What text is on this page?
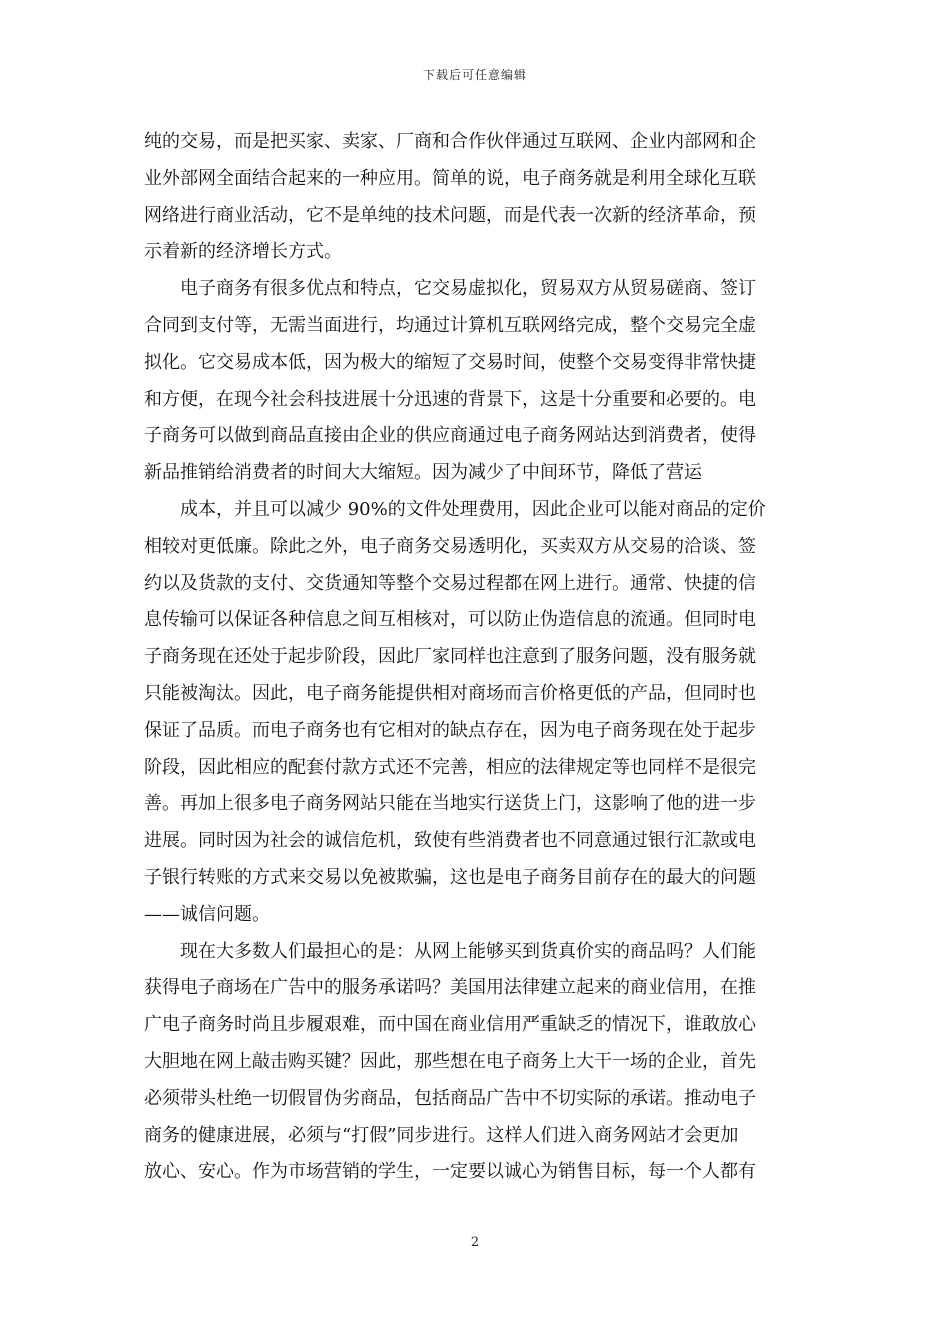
下载后可任意编辑

纯的交易，而是把买家、卖家、厂商和合作伙伴通过互联网、企业内部网和企
业外部网全面结合起来的一种应用。简单的说，电子商务就是利用全球化互联
网络进行商业活动，它不是单纯的技术问题，而是代表一次新的经济革命，预
示着新的经济增长方式。

电子商务有很多优点和特点，它交易虚拟化，贸易双方从贸易磋商、签订
合同到支付等，无需当面进行，均通过计算机互联网络完成，整个交易完全虚
拟化。它交易成本低，因为极大的缩短了交易时间，使整个交易变得非常快捷
和方便，在现今社会科技进展十分迅速的背景下，这是十分重要和必要的。电
子商务可以做到商品直接由企业的供应商通过电子商务网站达到消费者，使得
新品推销给消费者的时间大大缩短。因为减少了中间环节，降低了营运

成本，并且可以减少 90%的文件处理费用，因此企业可以能对商品的定价
相较对更低廉。除此之外，电子商务交易透明化，买卖双方从交易的洽谈、签
约以及货款的支付、交货通知等整个交易过程都在网上进行。通常、快捷的信
息传输可以保证各种信息之间互相核对，可以防止伪造信息的流通。但同时电
子商务现在还处于起步阶段，因此厂家同样也注意到了服务问题，没有服务就
只能被淘汰。因此，电子商务能提供相对商场而言价格更低的产品，但同时也
保证了品质。而电子商务也有它相对的缺点存在，因为电子商务现在处于起步
阶段，因此相应的配套付款方式还不完善，相应的法律规定等也同样不是很完
善。再加上很多电子商务网站只能在当地实行送货上门，这影响了他的进一步
进展。同时因为社会的诚信危机，致使有些消费者也不同意通过银行汇款或电
子银行转账的方式来交易以免被欺骗，这也是电子商务目前存在的最大的问题
——诚信问题。

现在大多数人们最担心的是：从网上能够买到货真价实的商品吗？人们能
获得电子商场在广告中的服务承诺吗？美国用法律建立起来的商业信用，在推
广电子商务时尚且步履艰难，而中国在商业信用严重缺乏的情况下，谁敢放心
大胆地在网上敲击购买键？因此，那些想在电子商务上大干一场的企业，首先
必须带头杜绝一切假冒伪劣商品，包括商品广告中不切实际的承诺。推动电子
商务的健康进展，必须与“打假”同步进行。这样人们进入商务网站才会更加
放心、安心。作为市场营销的学生，一定要以诚心为销售目标，每一个人都有

2
